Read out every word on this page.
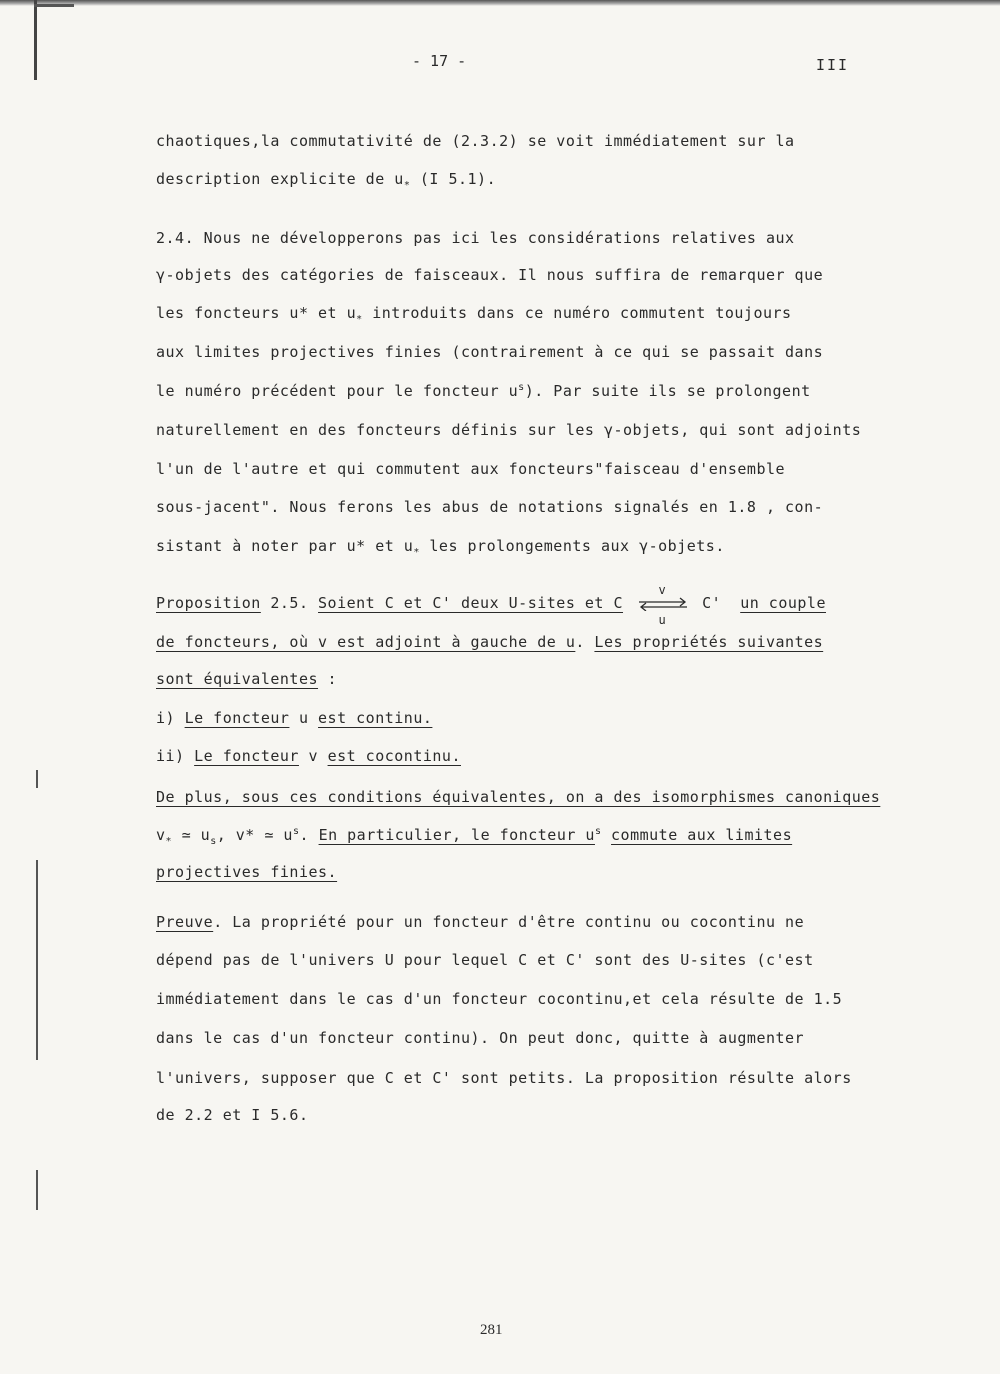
- 17 -	III
chaotiques,la commutativité de (2.3.2) se voit immédiatement sur la
description explicite de $u_*$ (I 5.1).
2.4. Nous ne développerons pas ici les considérations relatives aux
γ-objets des catégories de faisceaux. Il nous suffira de remarquer que
les foncteurs u* et $u_*$ introduits dans ce numéro commutent toujours
aux limites projectives finies (contrairement à ce qui se passait dans
le numéro précédent pour le foncteur $u^s$). Par suite ils se prolongent
naturellement en des foncteurs définis sur les γ-objets, qui sont adjoints
l'un de l'autre et qui commutent aux foncteurs"faisceau d'ensemble
sous-jacent". Nous ferons les abus de notations signalés en 1.8 , con-
sistant à noter par u* et $u_*$ les prolongements aux γ-objets.
Proposition 2.5. Soient C et C' deux U-sites et C
v
u
C' un couple
de foncteurs, où v est adjoint à gauche de u. Les propriétés suivantes
sont équivalentes :
i) Le foncteur u est continu.
ii) Le foncteur v est cocontinu.
De plus, sous ces conditions équivalentes, on a des isomorphismes canoniques
$v_*$ ≃ $u_s$, v* ≃ $u^s$. En particulier, le foncteur $u^s$ commute aux limites
projectives finies.
Preuve. La propriété pour un foncteur d'être continu ou cocontinu ne
dépend pas de l'univers U pour lequel C et C' sont des U-sites (c'est
immédiatement dans le cas d'un foncteur cocontinu,et cela résulte de 1.5
dans le cas d'un foncteur continu). On peut donc, quitte à augmenter
l'univers, supposer que C et C' sont petits. La proposition résulte alors
de 2.2 et I 5.6.
281
